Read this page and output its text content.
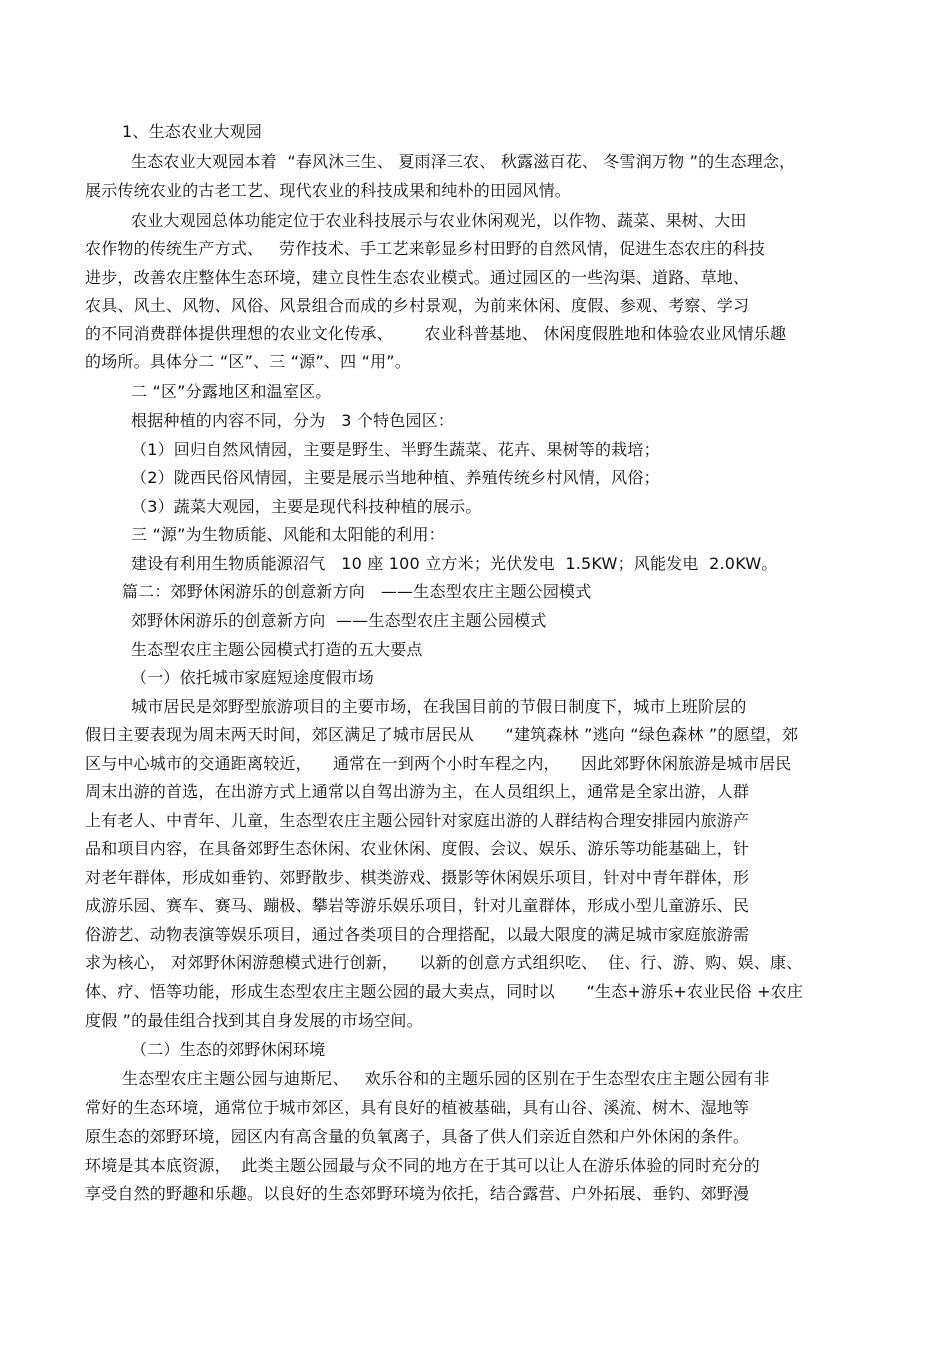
1、生态农业大观园
生态农业大观园本着  “春风沐三生、 夏雨泽三农、 秋露滋百花、 冬雪润万物 ”的生态理念，
展示传统农业的古老工艺、现代农业的科技成果和纯朴的田园风情。
农业大观园总体功能定位于农业科技展示与农业休闲观光，以作物、蔬菜、果树、大田
农作物的传统生产方式、   劳作技术、手工艺来彰显乡村田野的自然风情，促进生态农庄的科技
进步，改善农庄整体生态环境，建立良性生态农业模式。通过园区的一些沟渠、道路、草地、
农具、风土、风物、风俗、风景组合而成的乡村景观，为前来休闲、度假、参观、考察、学习
的不同消费群体提供理想的农业文化传承、      农业科普基地、 休闲度假胜地和体验农业风情乐趣
的场所。具体分二 “区”、三 “源”、四 “用”。
二 “区”分露地区和温室区。
根据种植的内容不同，分为   3 个特色园区：
（1）回归自然风情园，主要是野生、半野生蔬菜、花卉、果树等的栽培；
（2）陇西民俗风情园，主要是展示当地种植、养殖传统乡村风情，风俗；
（3）蔬菜大观园，主要是现代科技种植的展示。
三 “源”为生物质能、风能和太阳能的利用：
建设有利用生物质能源沼气   10 座 100 立方米；光伏发电  1.5KW；风能发电  2.0KW。
篇二：郊野休闲游乐的创意新方向   ——生态型农庄主题公园模式
郊野休闲游乐的创意新方向  ——生态型农庄主题公园模式
生态型农庄主题公园模式打造的五大要点
（一）依托城市家庭短途度假市场
城市居民是郊野型旅游项目的主要市场，在我国目前的节假日制度下，城市上班阶层的
假日主要表现为周末两天时间，郊区满足了城市居民从      “建筑森林 ”逃向 “绿色森林 ”的愿望，郊
区与中心城市的交通距离较近，    通常在一到两个小时车程之内，    因此郊野休闲旅游是城市居民
周末出游的首选，在出游方式上通常以自驾出游为主，在人员组织上，通常是全家出游，人群
上有老人、中青年、儿童，生态型农庄主题公园针对家庭出游的人群结构合理安排园内旅游产
品和项目内容，在具备郊野生态休闲、农业休闲、度假、会议、娱乐、游乐等功能基础上，针
对老年群体，形成如垂钓、郊野散步、棋类游戏、摄影等休闲娱乐项目，针对中青年群体，形
成游乐园、赛车、赛马、蹦极、攀岩等游乐娱乐项目，针对儿童群体，形成小型儿童游乐、民
俗游艺、动物表演等娱乐项目，通过各类项目的合理搭配，以最大限度的满足城市家庭旅游需
求为核心， 对郊野休闲游憩模式进行创新，    以新的创意方式组织吃、  住、行、游、购、娱、康、
体、疗、悟等功能，形成生态型农庄主题公园的最大卖点，同时以      “生态+游乐+农业民俗 +农庄
度假 ”的最佳组合找到其自身发展的市场空间。
（二）生态的郊野休闲环境
生态型农庄主题公园与迪斯尼、   欢乐谷和的主题乐园的区别在于生态型农庄主题公园有非
常好的生态环境，通常位于城市郊区，具有良好的植被基础，具有山谷、溪流、树木、湿地等
原生态的郊野环境，园区内有高含量的负氧离子，具备了供人们亲近自然和户外休闲的条件。
环境是其本底资源，  此类主题公园最与众不同的地方在于其可以让人在游乐体验的同时充分的
享受自然的野趣和乐趣。以良好的生态郊野环境为依托，结合露营、户外拓展、垂钓、郊野漫
